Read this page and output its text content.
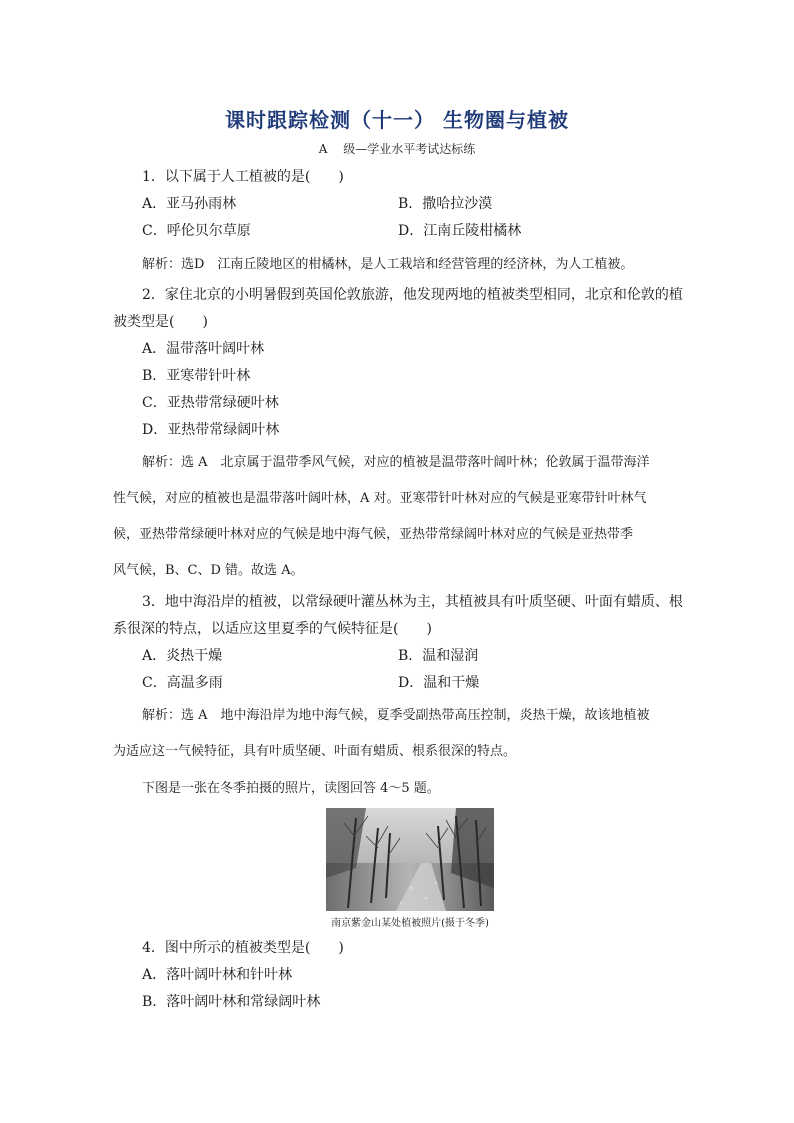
课时跟踪检测（十一） 生物圈与植被
A　 级—学业水平考试达标练
1．以下属于人工植被的是(　　)
A．亚马孙雨林	B．撒哈拉沙漠
C．呼伦贝尔草原	D．江南丘陵柑橘林
解析：选D　江南丘陵地区的柑橘林，是人工栽培和经营管理的经济林，为人工植被。
2．家住北京的小明暑假到英国伦敦旅游，他发现两地的植被类型相同，北京和伦敦的植
被类型是(　　)
A．温带落叶阔叶林
B．亚寒带针叶林
C．亚热带常绿硬叶林
D．亚热带常绿阔叶林
解析：选 A　北京属于温带季风气候，对应的植被是温带落叶阔叶林；伦敦属于温带海洋
性气候，对应的植被也是温带落叶阔叶林，A 对。亚寒带针叶林对应的气候是亚寒带针叶林气
候，亚热带常绿硬叶林对应的气候是地中海气候，亚热带常绿阔叶林对应的气候是亚热带季
风气候，B、C、D 错。故选 A。
3．地中海沿岸的植被，以常绿硬叶灌丛林为主，其植被具有叶质坚硬、叶面有蜡质、根
系很深的特点，以适应这里夏季的气候特征是(　　)
A．炎热干燥	B．温和湿润
C．高温多雨	D．温和干燥
解析：选 A　地中海沿岸为地中海气候，夏季受副热带高压控制，炎热干燥，故该地植被
为适应这一气候特征，具有叶质坚硬、叶面有蜡质、根系很深的特点。
下图是一张在冬季拍摄的照片，读图回答 4～5 题。
南京紫金山某处植被照片(摄于冬季)
4．图中所示的植被类型是(　　)
A．落叶阔叶林和针叶林
B．落叶阔叶林和常绿阔叶林
